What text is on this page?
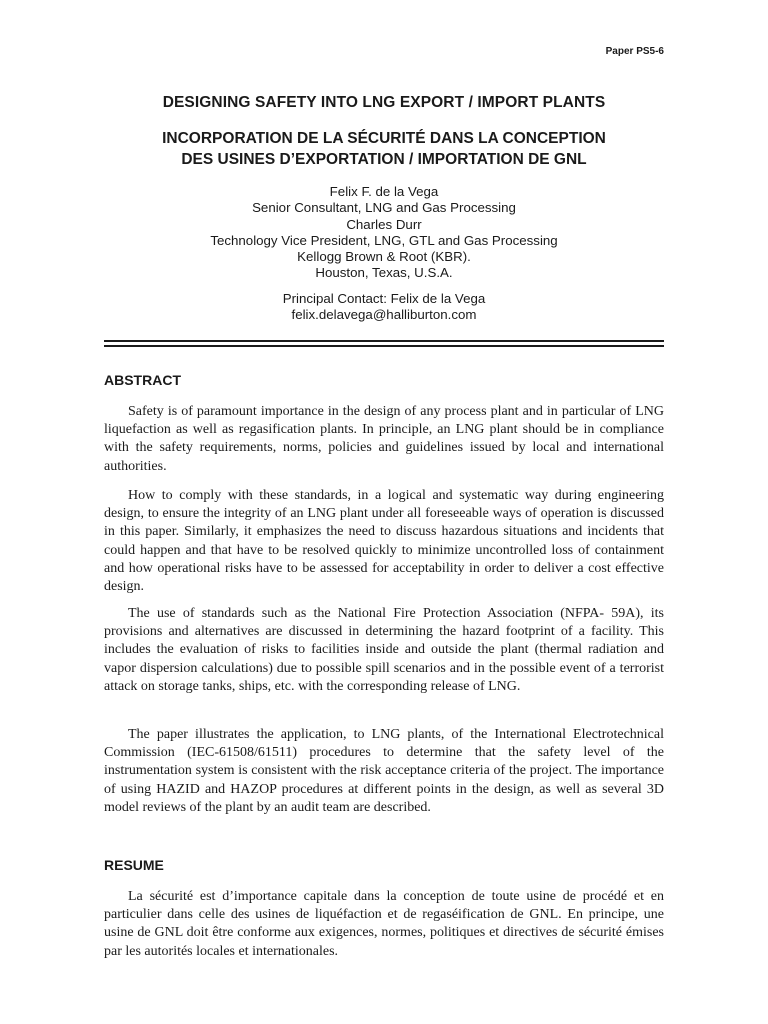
Paper PS5-6
DESIGNING SAFETY INTO LNG EXPORT / IMPORT PLANTS
INCORPORATION DE LA SÉCURITÉ DANS LA CONCEPTION
DES USINES D’EXPORTATION / IMPORTATION DE GNL
Felix F. de la Vega
Senior Consultant, LNG and Gas Processing
Charles Durr
Technology Vice President, LNG, GTL and Gas Processing
Kellogg Brown & Root (KBR).
Houston, Texas, U.S.A.
Principal Contact: Felix de la Vega
felix.delavega@halliburton.com
ABSTRACT

Safety is of paramount importance in the design of any process plant and in particular of LNG liquefaction as well as regasification plants. In principle, an LNG plant should be in compliance with the safety requirements, norms, policies and guidelines issued by local and international authorities.

How to comply with these standards, in a logical and systematic way during engineering design, to ensure the integrity of an LNG plant under all foreseeable ways of operation is discussed in this paper. Similarly, it emphasizes the need to discuss hazardous situations and incidents that could happen and that have to be resolved quickly to minimize uncontrolled loss of containment and how operational risks have to be assessed for acceptability in order to deliver a cost effective design.

The use of standards such as the National Fire Protection Association (NFPA- 59A), its provisions and alternatives are discussed in determining the hazard footprint of a facility. This includes the evaluation of risks to facilities inside and outside the plant (thermal radiation and vapor dispersion calculations) due to possible spill scenarios and in the possible event of a terrorist attack on storage tanks, ships, etc. with the corresponding release of LNG.

The paper illustrates the application, to LNG plants, of the International Electrotechnical Commission (IEC-61508/61511) procedures to determine that the safety level of the instrumentation system is consistent with the risk acceptance criteria of the project. The importance of using HAZID and HAZOP procedures at different points in the design, as well as several 3D model reviews of the plant by an audit team are described.

RESUME

La sécurité est d’importance capitale dans la conception de toute usine de procédé et en particulier dans celle des usines de liquéfaction et de regaséification de GNL. En principe, une usine de GNL doit être conforme aux exigences, normes, politiques et directives de sécurité émises par les autorités locales et internationales.
